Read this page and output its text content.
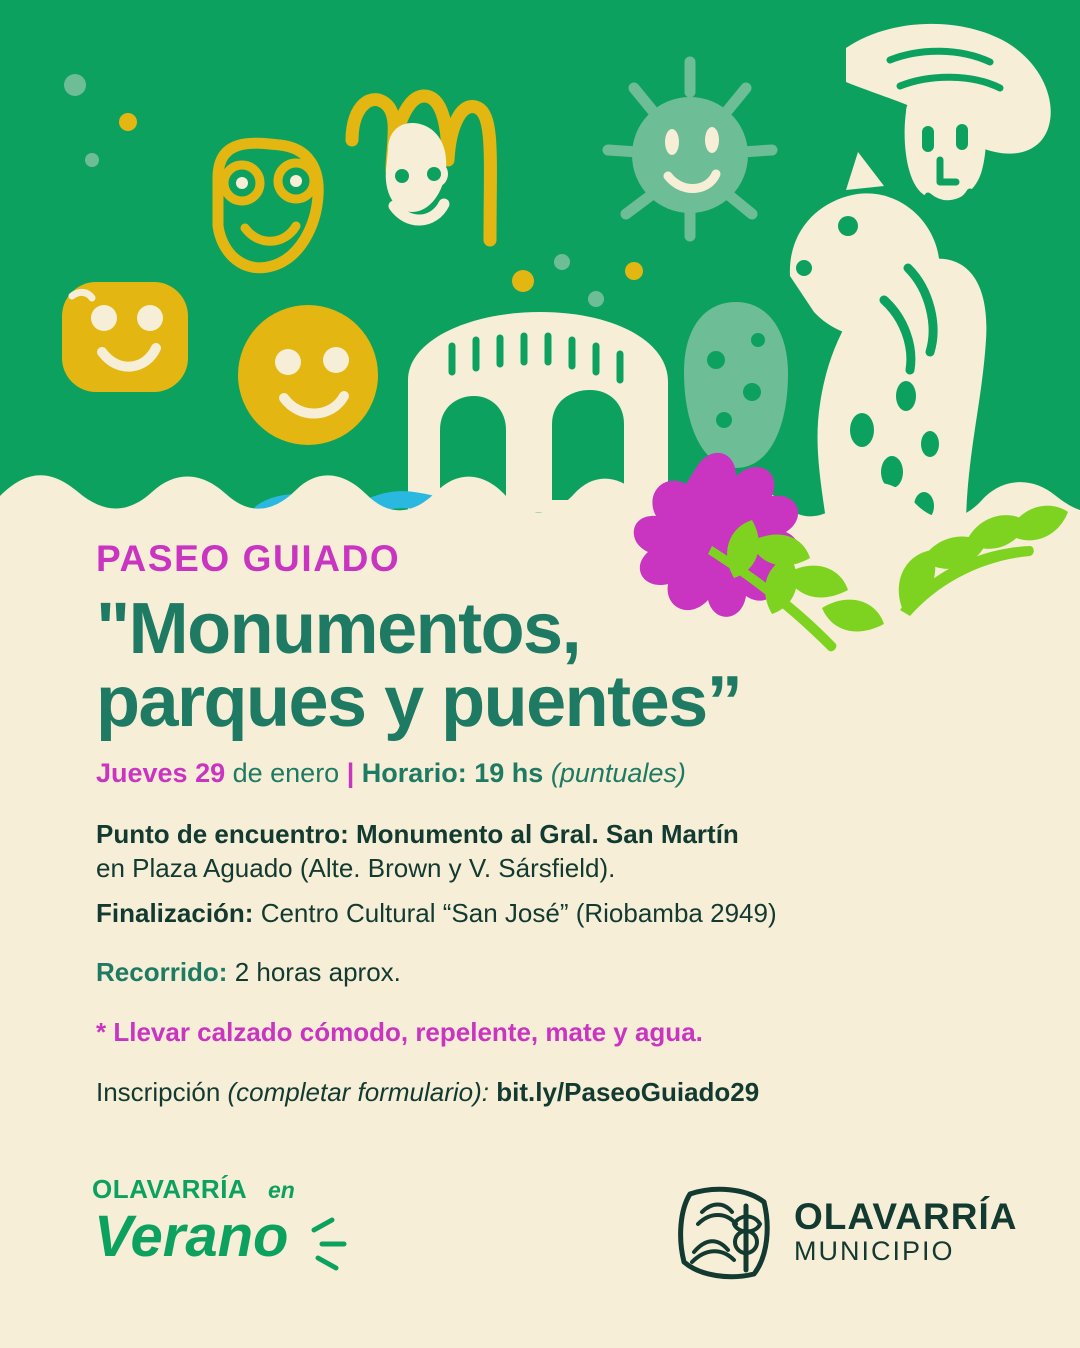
PASEO GUIADO
"Monumentos,
parques y puentes”
Jueves 29 de enero | Horario: 19 hs (puntuales)
Punto de encuentro: Monumento al Gral. San Martín
en Plaza Aguado (Alte. Brown y V. Sársfield).
Finalización: Centro Cultural “San José” (Riobamba 2949)
Recorrido: 2 horas aprox.
* Llevar calzado cómodo, repelente, mate y agua.
Inscripción (completar formulario): bit.ly/PaseoGuiado29
OLAVARRÍA en
Verano	OLAVARRÍA
MUNICIPIO
